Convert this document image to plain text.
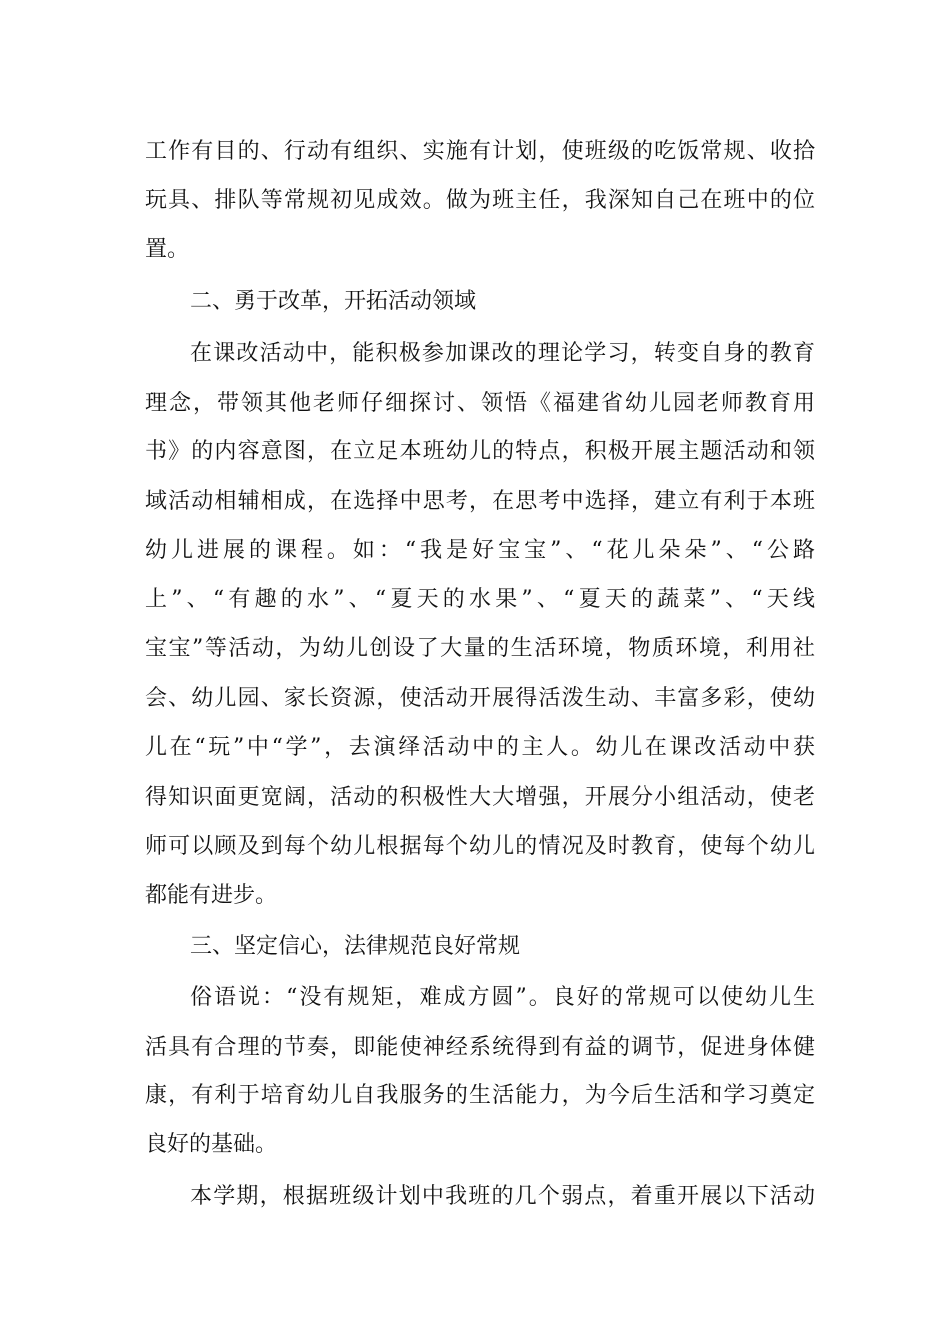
工作有目的、行动有组织、实施有计划，使班级的吃饭常规、收拾
玩具、排队等常规初见成效。做为班主任，我深知自己在班中的位
置。
二、勇于改革，开拓活动领域
在课改活动中，能积极参加课改的理论学习，转变自身的教育
理念，带领其他老师仔细探讨、领悟《福建省幼儿园老师教育用
书》的内容意图，在立足本班幼儿的特点，积极开展主题活动和领
域活动相辅相成，在选择中思考，在思考中选择，建立有利于本班
幼儿进展的课程。如：“我是好宝宝”、“花儿朵朵”、“公路
上”、“有趣的水”、“夏天的水果”、“夏天的蔬菜”、“天线
宝宝”等活动，为幼儿创设了大量的生活环境，物质环境，利用社
会、幼儿园、家长资源，使活动开展得活泼生动、丰富多彩，使幼
儿在“玩”中“学”，去演绎活动中的主人。幼儿在课改活动中获
得知识面更宽阔，活动的积极性大大增强，开展分小组活动，使老
师可以顾及到每个幼儿根据每个幼儿的情况及时教育，使每个幼儿
都能有进步。
三、坚定信心，法律规范良好常规
俗语说：“没有规矩，难成方圆”。良好的常规可以使幼儿生
活具有合理的节奏，即能使神经系统得到有益的调节，促进身体健
康，有利于培育幼儿自我服务的生活能力，为今后生活和学习奠定
良好的基础。
本学期，根据班级计划中我班的几个弱点，着重开展以下活动
